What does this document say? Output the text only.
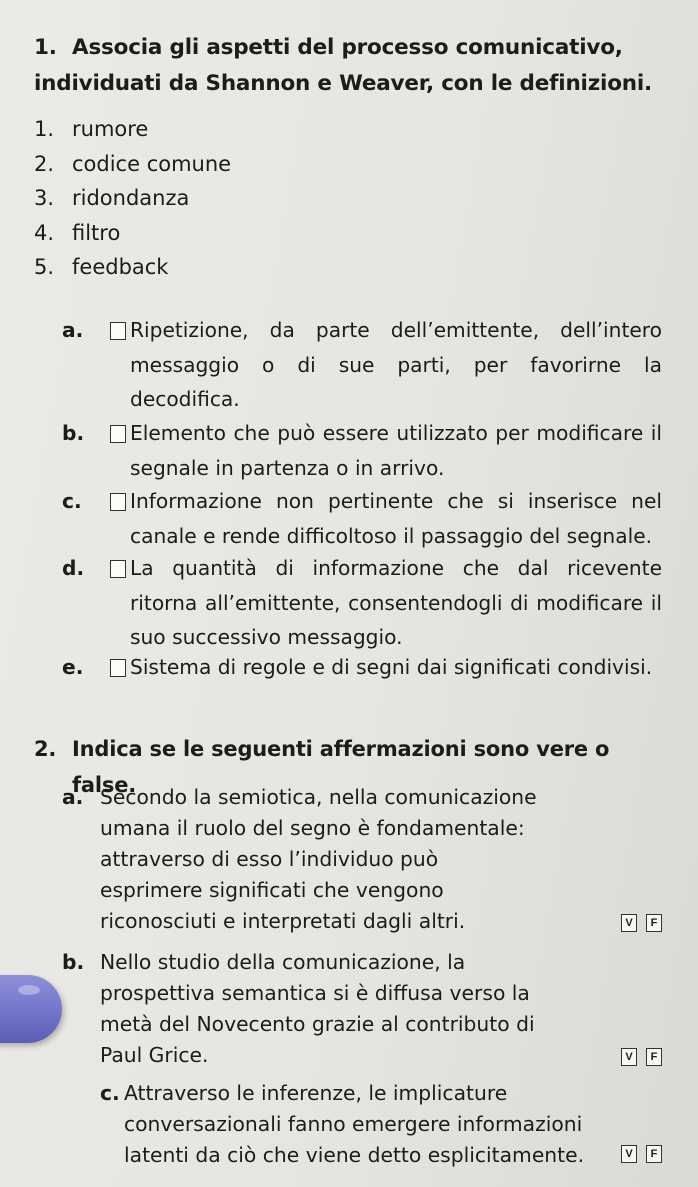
1. Associa gli aspetti del processo comunicativo, individuati da Shannon e Weaver, con le definizioni.
1. rumore
2. codice comune
3. ridondanza
4. filtro
5. feedback
a. Ripetizione, da parte dell’emittente, dell’intero messaggio o di sue parti, per favorirne la decodifica.
b. Elemento che può essere utilizzato per modificare il segnale in partenza o in arrivo.
c. Informazione non pertinente che si inserisce nel canale e rende difficoltoso il passaggio del segnale.
d. La quantità di informazione che dal ricevente ritorna all’emittente, consentendogli di modificare il suo successivo messaggio.
e. Sistema di regole e di segni dai significati condivisi.
2. Indica se le seguenti affermazioni sono vere o false.
a. Secondo la semiotica, nella comunicazione umana il ruolo del segno è fondamentale: attraverso di esso l’individuo può esprimere significati che vengono riconosciuti e interpretati dagli altri.	V	F
b. Nello studio della comunicazione, la prospettiva semantica si è diffusa verso la metà del Novecento grazie al contributo di Paul Grice.	V	F
c. Attraverso le inferenze, le implicature conversazionali fanno emergere informazioni latenti da ciò che viene detto esplicitamente.	V	F
